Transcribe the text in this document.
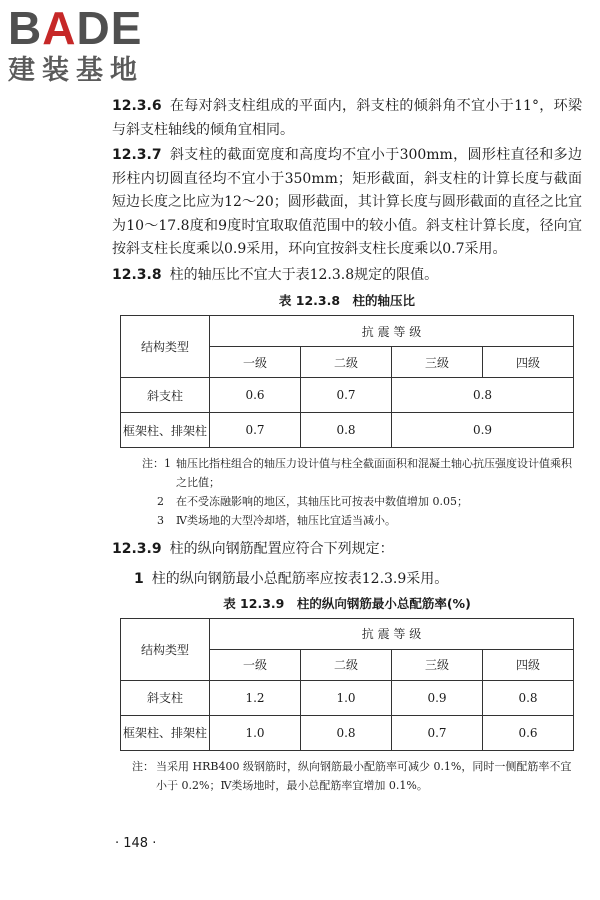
BADE
建装基地

12.3.6 在每对斜支柱组成的平面内，斜支柱的倾斜角不宜小于11°，环梁与斜支柱轴线的倾角宜相同。

12.3.7 斜支柱的截面宽度和高度均不宜小于300mm，圆形柱直径和多边形柱内切圆直径均不宜小于350mm；矩形截面，斜支柱的计算长度与截面短边长度之比应为12～20；圆形截面，其计算长度与圆形截面的直径之比宜为10～17.8度和9度时宜取取值范围中的较小值。斜支柱计算长度，径向宜按斜支柱长度乘以0.9采用，环向宜按斜支柱长度乘以0.7采用。

12.3.8 柱的轴压比不宜大于表12.3.8规定的限值。

表 12.3.8　柱的轴压比
结构类型	抗 震 等 级			
	一级	二级	三级	四级
斜支柱	0.6	0.7	0.8	
框架柱、排架柱	0.7	0.8	0.9	
注：1 轴压比指柱组合的轴压力设计值与柱全截面面积和混凝土轴心抗压强度设计值乘积之比值；
2	在不受冻融影响的地区，其轴压比可按表中数值增加 0.05；
3	Ⅳ类场地的大型冷却塔，轴压比宜适当减小。

12.3.9 柱的纵向钢筋配置应符合下列规定：

1 柱的纵向钢筋最小总配筋率应按表12.3.9采用。

表 12.3.9　柱的纵向钢筋最小总配筋率(%)
结构类型	抗 震 等 级			
	一级	二级	三级	四级
斜支柱	1.2	1.0	0.9	0.8
框架柱、排架柱	1.0	0.8	0.7	0.6
注： 当采用 HRB400 级钢筋时，纵向钢筋最小配筋率可减少 0.1%，同时一侧配筋率不宜小于 0.2%；Ⅳ类场地时，最小总配筋率宜增加 0.1%。
· 148 ·
